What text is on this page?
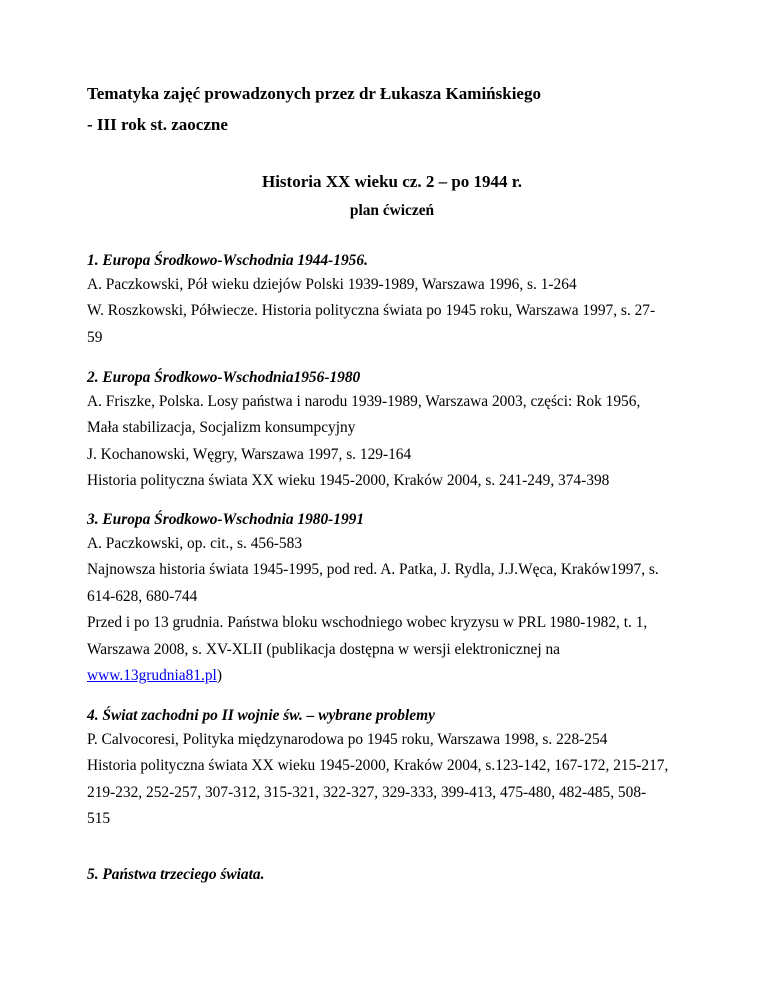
Tematyka zajęć prowadzonych przez dr Łukasza Kamińskiego
- III rok st. zaoczne
Historia XX wieku cz. 2 – po 1944 r.
plan ćwiczeń
1. Europa Środkowo-Wschodnia 1944-1956.
A. Paczkowski, Pół wieku dziejów Polski 1939-1989, Warszawa 1996, s. 1-264
W. Roszkowski, Półwiecze. Historia polityczna świata po 1945 roku, Warszawa 1997, s. 27-
59
2. Europa Środkowo-Wschodnia1956-1980
A. Friszke, Polska. Losy państwa i narodu 1939-1989, Warszawa 2003, części: Rok 1956,
Mała stabilizacja, Socjalizm konsumpcyjny
J. Kochanowski, Węgry, Warszawa 1997, s. 129-164
Historia polityczna świata XX wieku 1945-2000, Kraków 2004, s. 241-249, 374-398
3. Europa Środkowo-Wschodnia 1980-1991
A. Paczkowski, op. cit., s. 456-583
Najnowsza historia świata 1945-1995, pod red. A. Patka, J. Rydla, J.J.Węca, Kraków1997, s.
614-628, 680-744
Przed i po 13 grudnia. Państwa bloku wschodniego wobec kryzysu w PRL 1980-1982, t. 1,
Warszawa 2008, s. XV-XLII (publikacja dostępna w wersji elektronicznej na
www.13grudnia81.pl)
4. Świat zachodni po II wojnie św. – wybrane problemy
P. Calvocoresi, Polityka międzynarodowa po 1945 roku, Warszawa 1998, s. 228-254
Historia polityczna świata XX wieku 1945-2000, Kraków 2004, s.123-142, 167-172, 215-217,
219-232, 252-257, 307-312, 315-321, 322-327, 329-333, 399-413, 475-480, 482-485, 508-
515
5. Państwa trzeciego świata.
